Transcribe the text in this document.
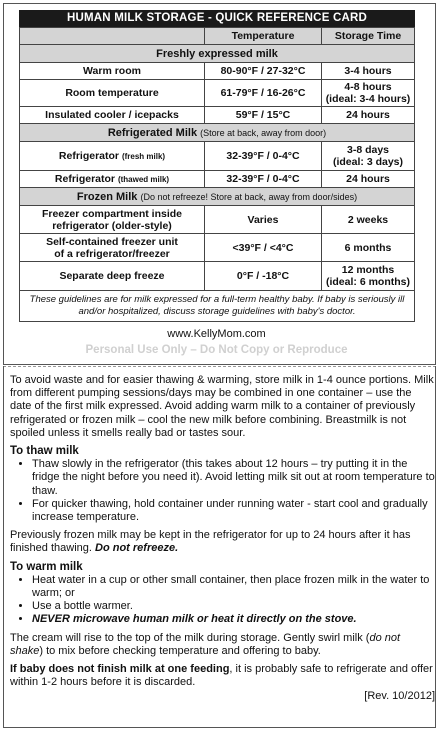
HUMAN MILK STORAGE - QUICK REFERENCE CARD
	Temperature	Storage Time
Freshly expressed milk		
Warm room	80-90°F / 27-32°C	3-4 hours
Room temperature	61-79°F / 16-26°C	4-8 hours
(ideal: 3-4 hours)
Insulated cooler / icepacks	59°F / 15°C	24 hours
Refrigerated Milk (Store at back, away from door)		
Refrigerator (fresh milk)	32-39°F / 0-4°C	3-8 days
(ideal: 3 days)
Refrigerator (thawed milk)	32-39°F / 0-4°C	24 hours
Frozen Milk (Do not refreeze! Store at back, away from door/sides)		
Freezer compartment inside
refrigerator (older-style)	Varies	2 weeks
Self-contained freezer unit
of a refrigerator/freezer	<39°F / <4°C	6 months
Separate deep freeze	0°F / -18°C	12 months
(ideal: 6 months)
These guidelines are for milk expressed for a full-term healthy baby. If baby is seriously ill and/or hospitalized, discuss storage guidelines with baby's doctor.		
www.KellyMom.com
Personal Use Only – Do Not Copy or Reproduce

To avoid waste and for easier thawing & warming, store milk in 1-4 ounce portions. Milk from different pumping sessions/days may be combined in one container – use the date of the first milk expressed. Avoid adding warm milk to a container of previously refrigerated or frozen milk – cool the new milk before combining. Breastmilk is not spoiled unless it smells really bad or tastes sour.

To thaw milk
• Thaw slowly in the refrigerator (this takes about 12 hours – try putting it in the fridge the night before you need it). Avoid letting milk sit out at room temperature to thaw.
• For quicker thawing, hold container under running water - start cool and gradually increase temperature.

Previously frozen milk may be kept in the refrigerator for up to 24 hours after it has finished thawing. Do not refreeze.

To warm milk
• Heat water in a cup or other small container, then place frozen milk in the water to warm; or
• Use a bottle warmer.
• NEVER microwave human milk or heat it directly on the stove.

The cream will rise to the top of the milk during storage. Gently swirl milk (do not shake) to mix before checking temperature and offering to baby.

If baby does not finish milk at one feeding, it is probably safe to refrigerate and offer within 1-2 hours before it is discarded.

[Rev. 10/2012]
